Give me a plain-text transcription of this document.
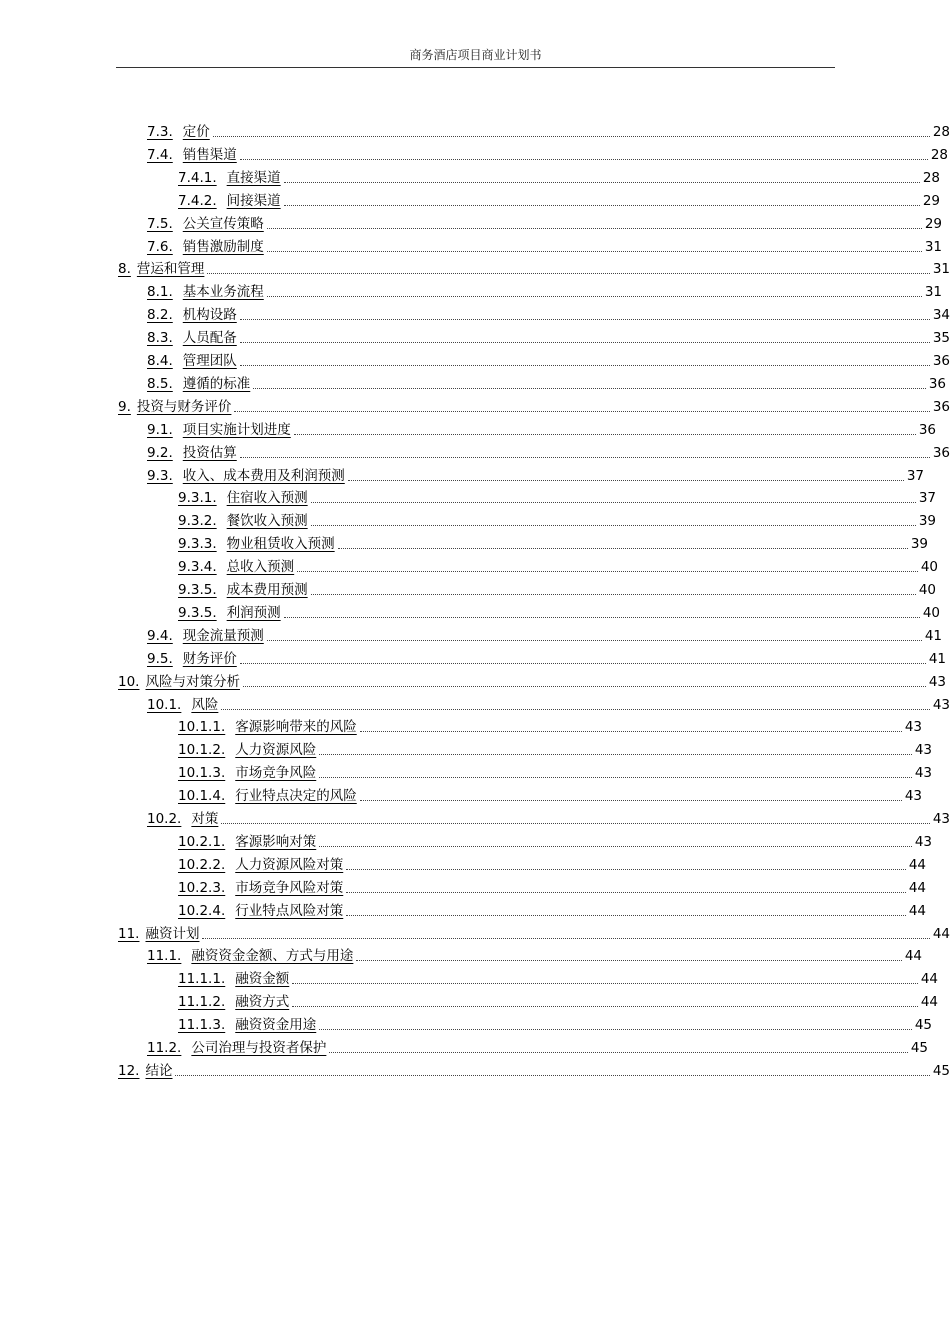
商务酒店项目商业计划书
7.3. 定价	28
7.4. 销售渠道	28
7.4.1. 直接渠道	28
7.4.2. 间接渠道	29
7.5. 公关宣传策略	29
7.6. 销售激励制度	31
8. 营运和管理	31
8.1. 基本业务流程	31
8.2. 机构设路	34
8.3. 人员配备	35
8.4. 管理团队	36
8.5. 遵循的标准	36
9. 投资与财务评价	36
9.1. 项目实施计划进度	36
9.2. 投资估算	36
9.3. 收入、成本费用及利润预测	37
9.3.1. 住宿收入预测	37
9.3.2. 餐饮收入预测	39
9.3.3. 物业租赁收入预测	39
9.3.4. 总收入预测	40
9.3.5. 成本费用预测	40
9.3.5. 利润预测	40
9.4. 现金流量预测	41
9.5. 财务评价	41
10. 风险与对策分析	43
10.1. 风险	43
10.1.1. 客源影响带来的风险	43
10.1.2. 人力资源风险	43
10.1.3. 市场竞争风险	43
10.1.4. 行业特点决定的风险	43
10.2. 对策	43
10.2.1. 客源影响对策	43
10.2.2. 人力资源风险对策	44
10.2.3. 市场竞争风险对策	44
10.2.4. 行业特点风险对策	44
11. 融资计划	44
11.1. 融资资金金额、方式与用途	44
11.1.1. 融资金额	44
11.1.2. 融资方式	44
11.1.3. 融资资金用途	45
11.2. 公司治理与投资者保护	45
12. 结论	45
